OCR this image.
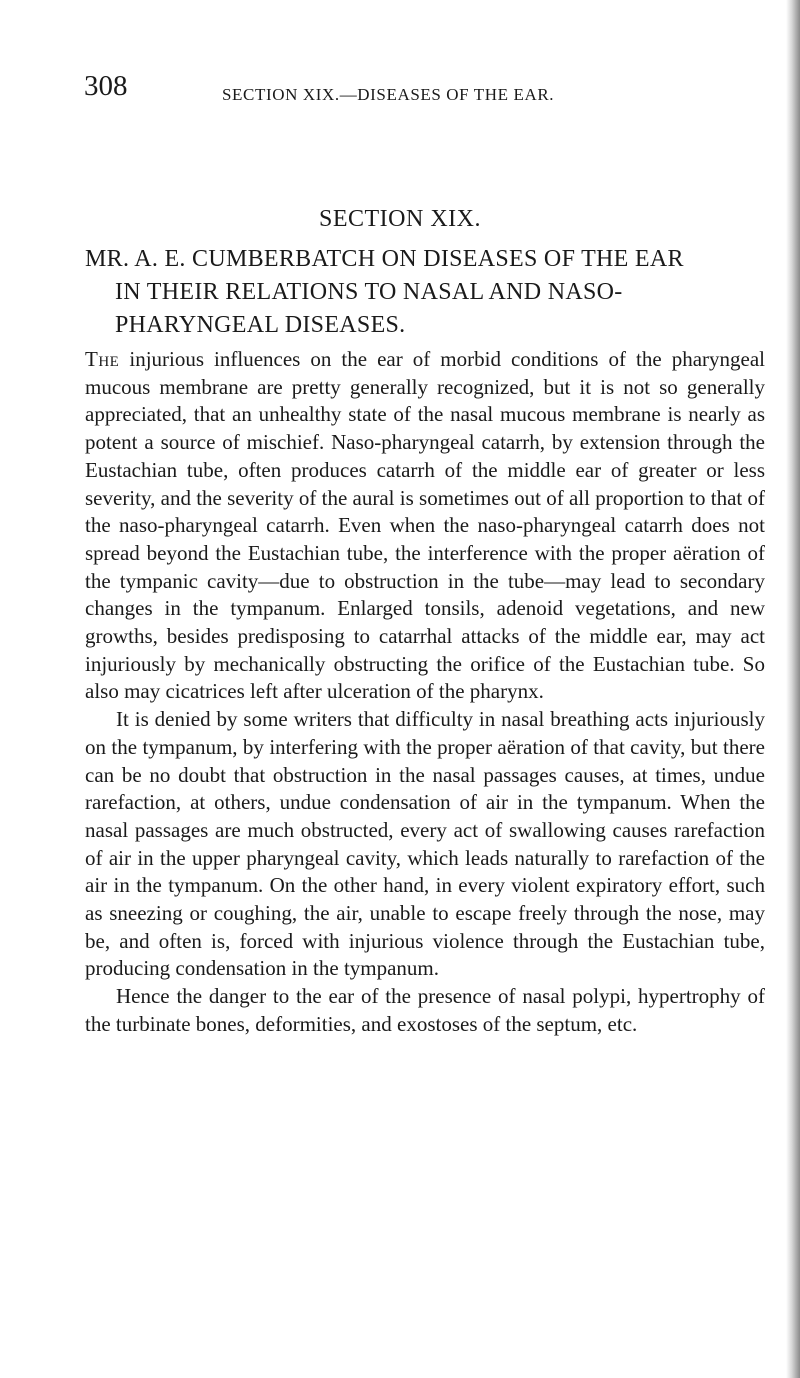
308	SECTION XIX.—DISEASES OF THE EAR.
SECTION XIX.
MR. A. E. CUMBERBATCH ON DISEASES OF THE EAR
IN THEIR RELATIONS TO NASAL AND NASO-
PHARYNGEAL DISEASES.

The injurious influences on the ear of morbid conditions of the pharyngeal mucous membrane are pretty generally recognized, but it is not so generally appreciated, that an unhealthy state of the nasal mucous membrane is nearly as potent a source of mischief. Naso-pharyngeal catarrh, by extension through the Eustachian tube, often produces catarrh of the middle ear of greater or less severity, and the severity of the aural is sometimes out of all proportion to that of the naso-pharyngeal catarrh. Even when the naso-pharyngeal catarrh does not spread beyond the Eustachian tube, the interference with the proper aëration of the tympanic cavity—due to obstruction in the tube—may lead to secondary changes in the tympanum. Enlarged tonsils, adenoid vegetations, and new growths, besides predisposing to catarrhal attacks of the middle ear, may act injuriously by mechanically obstructing the orifice of the Eustachian tube. So also may cicatrices left after ulceration of the pharynx.

It is denied by some writers that difficulty in nasal breathing acts injuriously on the tympanum, by interfering with the proper aëration of that cavity, but there can be no doubt that obstruction in the nasal passages causes, at times, undue rarefaction, at others, undue condensation of air in the tympanum. When the nasal passages are much obstructed, every act of swallowing causes rarefaction of air in the upper pharyngeal cavity, which leads naturally to rarefaction of the air in the tympanum. On the other hand, in every violent expiratory effort, such as sneezing or coughing, the air, unable to escape freely through the nose, may be, and often is, forced with injurious violence through the Eustachian tube, producing condensation in the tympanum.

Hence the danger to the ear of the presence of nasal polypi, hypertrophy of the turbinate bones, deformities, and exostoses of the septum, etc.
